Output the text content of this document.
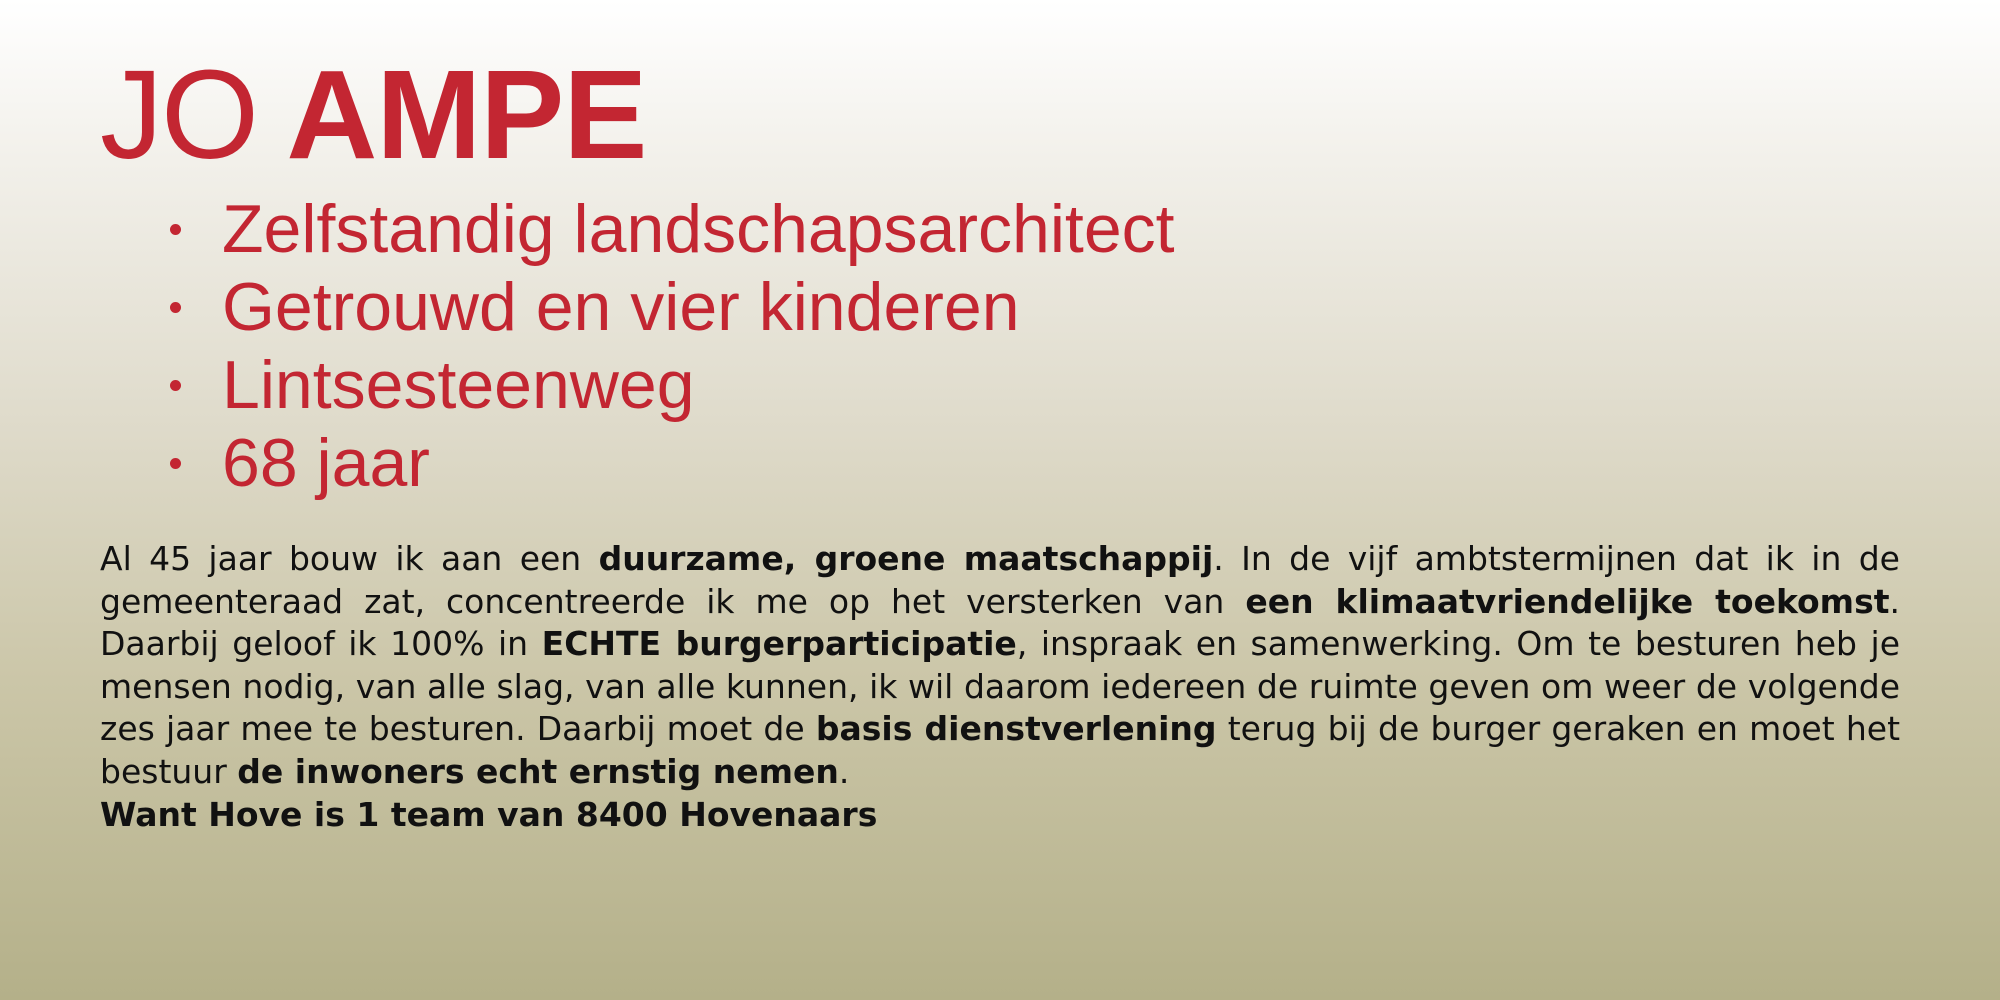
JO AMPE
Zelfstandig landschapsarchitect
Getrouwd en vier kinderen
Lintsesteenweg
68 jaar

Al 45 jaar bouw ik aan een duurzame, groene maatschappij. In de vijf ambtstermijnen dat ik in de gemeenteraad zat, concentreerde ik me op het versterken van een klimaatvriendelijke toekomst. Daarbij geloof ik 100% in ECHTE burgerparticipatie, inspraak en samenwerking. Om te besturen heb je mensen nodig, van alle slag, van alle kunnen, ik wil daarom iedereen de ruimte geven om weer de volgende zes jaar mee te besturen. Daarbij moet de basis dienstverlening terug bij de burger geraken en moet het bestuur de inwoners echt ernstig nemen.

Want Hove is 1 team van 8400 Hovenaars
